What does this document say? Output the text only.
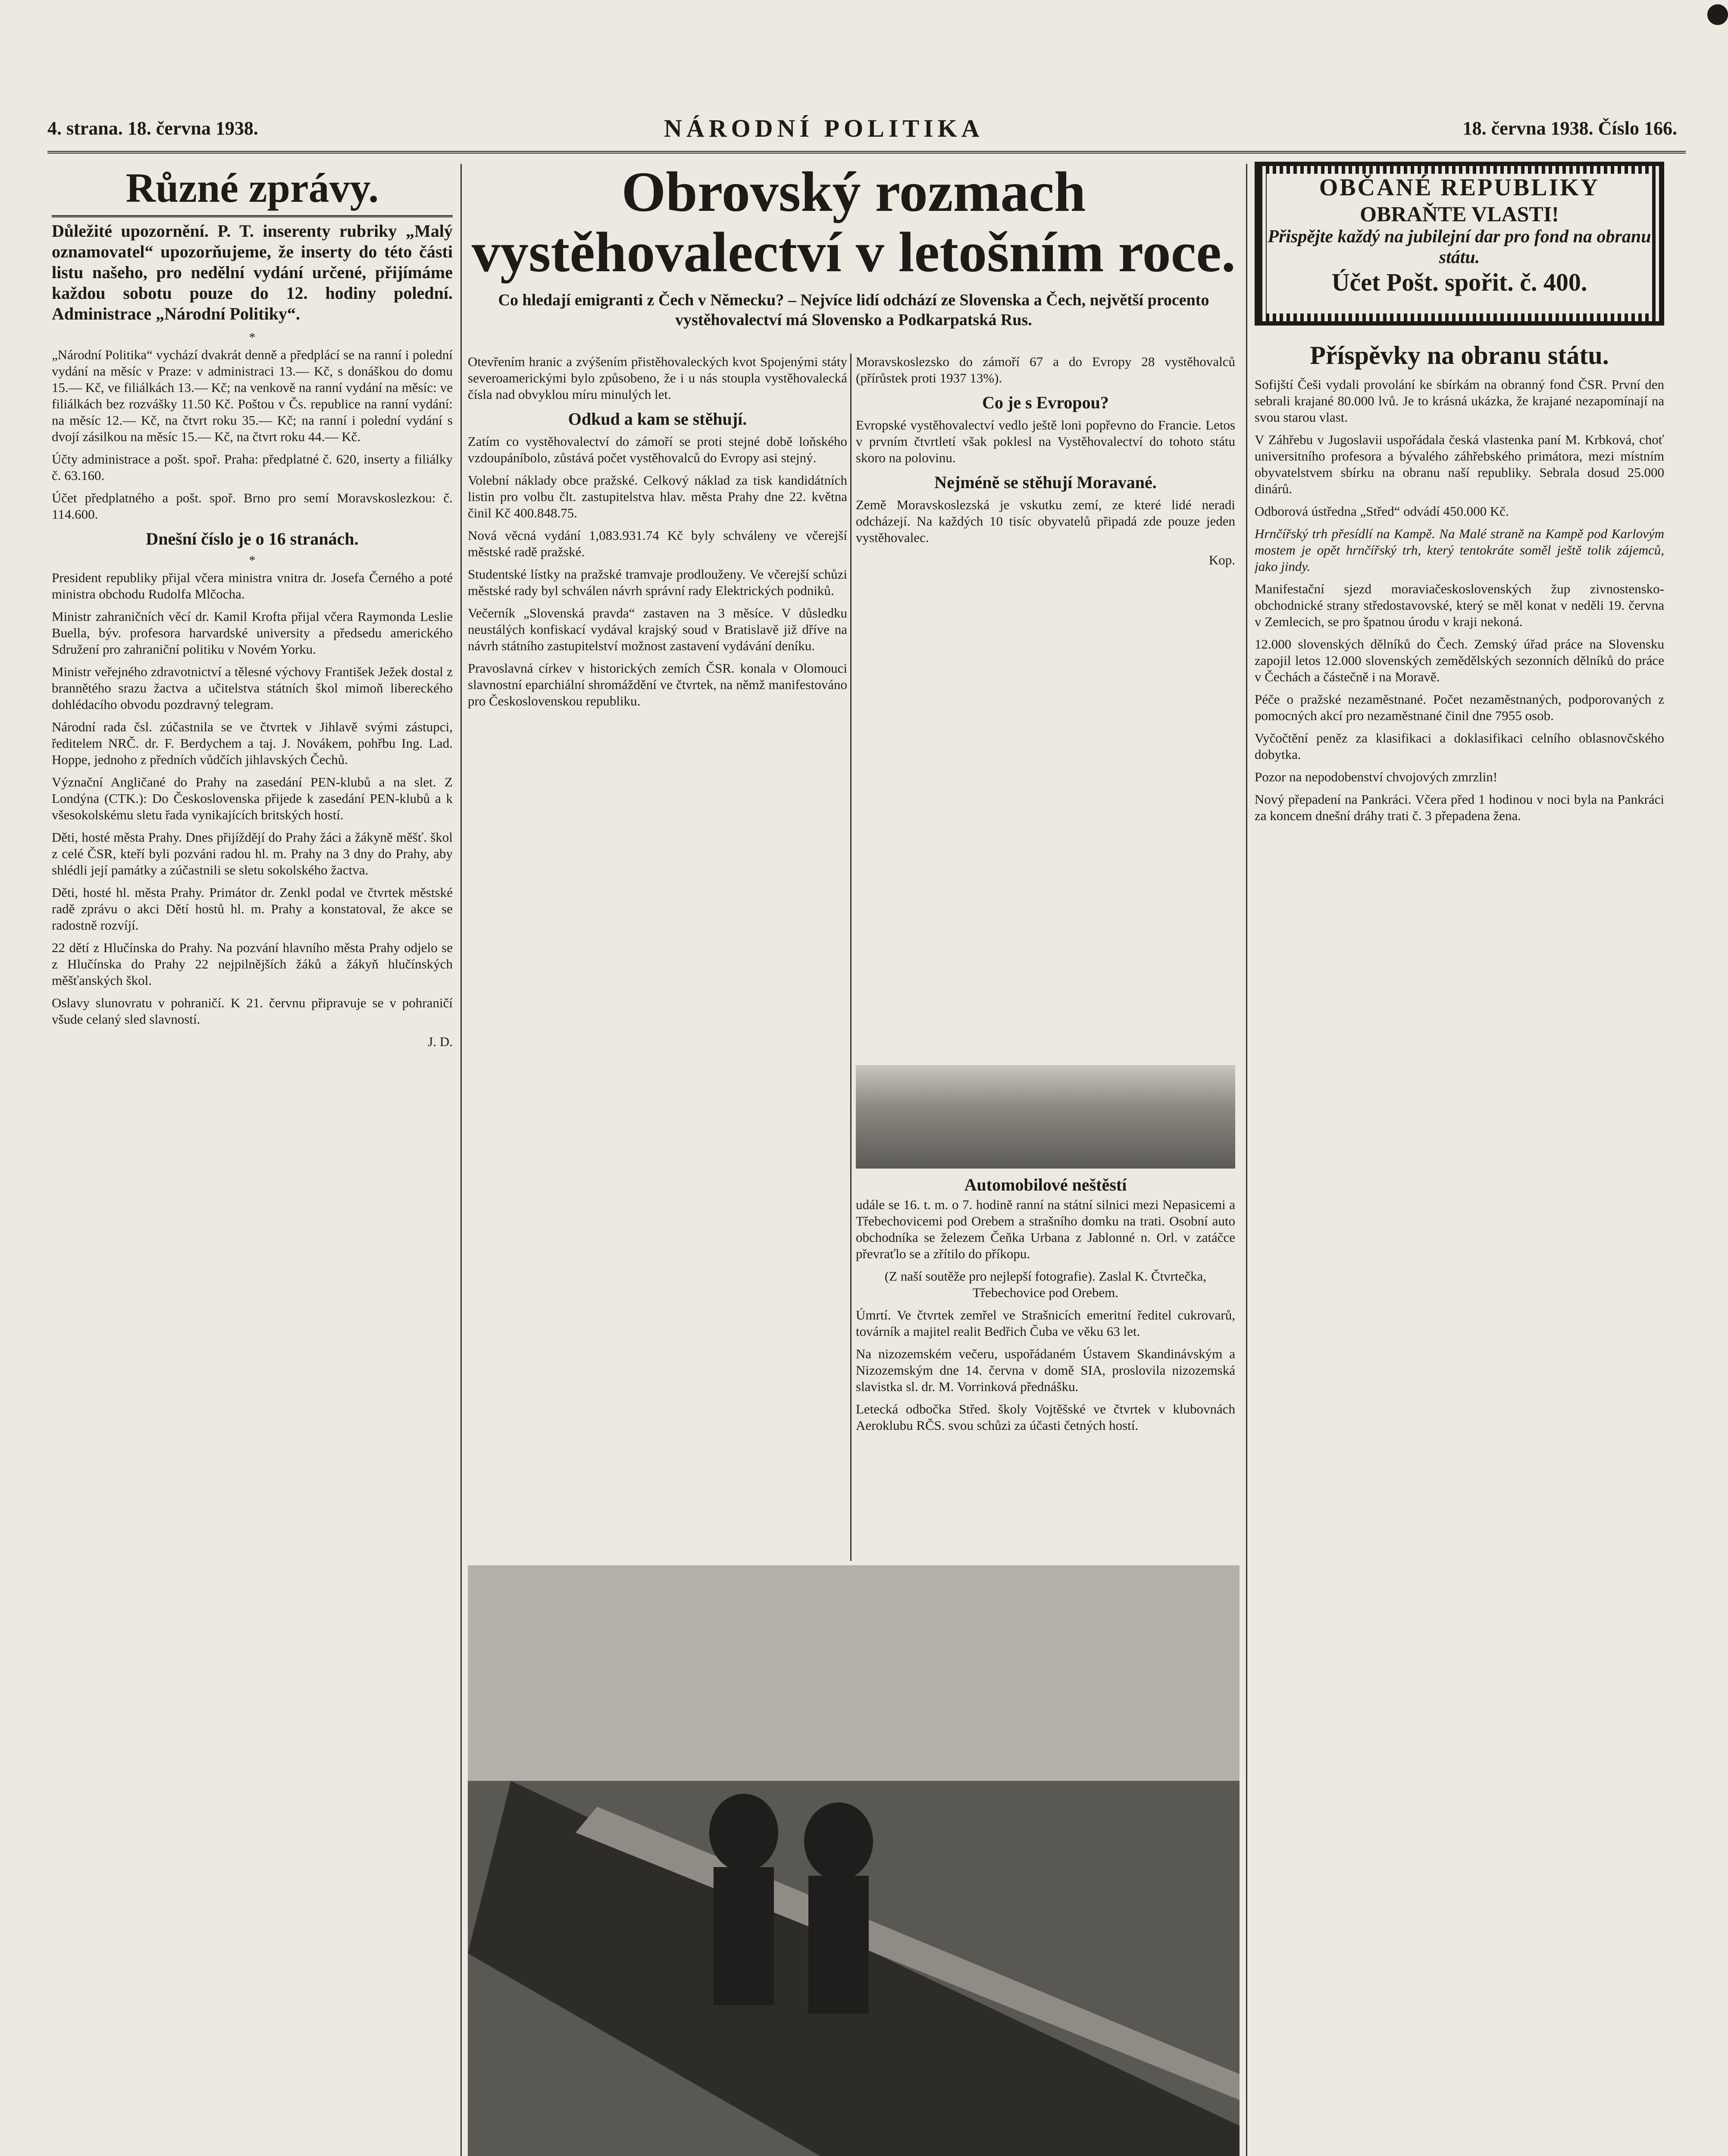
4. strana. 18. června 1938.	NÁRODNÍ POLITIKA	18. června 1938. Číslo 166.
Různé zprávy.

Důležité upozornění. P. T. inserenty rubriky „Malý oznamovatel“ upozorňujeme, že inserty do této části listu našeho, pro nedělní vydání určené, přijímáme každou sobotu pouze do 12. hodiny polední. Administrace „Národní Politiky“.

*

„Národní Politika“ vychází dvakrát denně a předplácí se na ranní i polední vydání na měsíc v Praze: v administraci 13.— Kč, s donáškou do domu 15.— Kč, ve filiálkách 13.— Kč; na venkově na ranní vydání na měsíc: ve filiálkách bez rozvášky 11.50 Kč. Poštou v Čs. republice na ranní vydání: na měsíc 12.— Kč, na čtvrt roku 35.— Kč; na ranní i polední vydání s dvojí zásilkou na měsíc 15.— Kč, na čtvrt roku 44.— Kč.

Účty administrace a pošt. spoř. Praha: předplatné č. 620, inserty a filiálky č. 63.160.

Účet předplatného a pošt. spoř. Brno pro semí Moravskoslezkou: č. 114.600.

Dnešní číslo je o 16 stranách.
*

President republiky přijal včera ministra vnitra dr. Josefa Černého a poté ministra obchodu Rudolfa Mlčocha.

Ministr zahraničních věcí dr. Kamil Krofta přijal včera Raymonda Leslie Buella, býv. profesora harvardské university a předsedu amerického Sdružení pro zahraniční politiku v Novém Yorku.

Ministr veřejného zdravotnictví a tělesné výchovy František Ježek dostal z brannětého srazu žactva a učitelstva státních škol mimoň libereckého dohlédacího obvodu pozdravný telegram.

Národní rada čsl. zúčastnila se ve čtvrtek v Jihlavě svými zástupci, ředitelem NRČ. dr. F. Berdychem a taj. J. Novákem, pohřbu Ing. Lad. Hoppe, jednoho z předních vůdčích jihlavských Čechů.

Význační Angličané do Prahy na zasedání PEN-klubů a na slet. Z Londýna (CTK.): Do Československa přijede k zasedání PEN-klubů a k všesokolskému sletu řada vynikajících britských hostí.

Děti, hosté města Prahy. Dnes přijíždějí do Prahy žáci a žákyně měšť. škol z celé ČSR, kteří byli pozváni radou hl. m. Prahy na 3 dny do Prahy, aby shlédli její památky a zúčastnili se sletu sokolského žactva.

Děti, hosté hl. města Prahy. Primátor dr. Zenkl podal ve čtvrtek městské radě zprávu o akci Dětí hostů hl. m. Prahy a konstatoval, že akce se radostně rozvíjí.

22 dětí z Hlučínska do Prahy. Na pozvání hlavního města Prahy odjelo se z Hlučínska do Prahy 22 nejpilnějších žáků a žákyň hlučínských měšťanských škol.

Oslavy slunovratu v pohraničí. K 21. červnu připravuje se v pohraničí všude celaný sled slavností.

J. D.
Obrovský rozmach vystěhovalectví v letošním roce.
Co hledají emigranti z Čech v Německu? – Nejvíce lidí odchází ze Slovenska a Čech, největší procento vystěhovalectví má Slovensko a Podkarpatská Rus.

Otevřením hranic a zvýšením přistěhovaleckých kvot Spojenými státy severoamerickými bylo způsobeno, že i u nás stoupla vystěhovalecká čísla nad obvyklou míru minulých let.

Odkud a kam se stěhují.

Zatím co vystěhovalectví do zámoří se proti stejné době loňského vzdoupáníbolo, zůstává počet vystěhovalců do Evropy asi stejný.

Volební náklady obce pražské. Celkový náklad za tisk kandidátních listin pro volbu člt. zastupitelstva hlav. města Prahy dne 22. května činil Kč 400.848.75.

Nová věcná vydání 1,083.931.74 Kč byly schváleny ve včerejší městské radě pražské.

Studentské lístky na pražské tramvaje prodlouženy. Ve včerejší schůzi městské rady byl schválen návrh správní rady Elektrických podniků.

Večerník „Slovenská pravda“ zastaven na 3 měsíce. V důsledku neustálých konfiskací vydával krajský soud v Bratislavě již dříve na návrh státního zastupitelství možnost zastavení vydávání deníku.

Pravoslavná církev v historických zemích ČSR. konala v Olomouci slavnostní eparchiální shromáždění ve čtvrtek, na němž manifestováno pro Československou republiku.

Moravskoslezsko do zámoří 67 a do Evropy 28 vystěhovalců (přírůstek proti 1937 13%).

Co je s Evropou?

Evropské vystěhovalectví vedlo ještě loni popřevno do Francie. Letos v prvním čtvrtletí však poklesl na Vystěhovalectví do tohoto státu skoro na polovinu.

Nejméně se stěhují Moravané.

Země Moravskoslezská je vskutku zemí, ze které lidé neradi odcházejí. Na každých 10 tisíc obyvatelů připadá zde pouze jeden vystěhovalec.

Kop.
Automobilové neštěstí

udále se 16. t. m. o 7. hodině ranní na státní silnici mezi Nepasicemi a Třebechovicemi pod Orebem a strašního domku na trati. Osobní auto obchodníka se železem Čeňka Urbana z Jablonné n. Orl. v zatáčce převraťlo se a zřítilo do příkopu.

(Z naší soutěže pro nejlepší fotografie). Zaslal K. Čtvrtečka, Třebechovice pod Orebem.

Úmrtí. Ve čtvrtek zemřel ve Strašnicích emeritní ředitel cukrovarů, továrník a majitel realit Bedřich Čuba ve věku 63 let.

Na nizozemském večeru, uspořádaném Ústavem Skandinávským a Nizozemským dne 14. června v domě SIA, proslovila nizozemská slavistka sl. dr. M. Vorrinková přednášku.

Letecká odbočka Střed. školy Vojtěšské ve čtvrtek v klubovnách Aeroklubu RČS. svou schůzi za účasti četných hostí.

OBČANÉ REPUBLIKY
OBRAŇTE VLASTI!
Přispějte každý na jubilejní dar pro fond na obranu státu.
Účet Pošt. spořit. č. 400.
Příspěvky na obranu státu.

Sofijští Češi vydali provolání ke sbírkám na obranný fond ČSR. První den sebrali krajané 80.000 lvů. Je to krásná ukázka, že krajané nezapomínají na svou starou vlast.

V Záhřebu v Jugoslavii uspořádala česká vlastenka paní M. Krbková, choť universitního profesora a bývalého záhřebského primátora, mezi místním obyvatelstvem sbírku na obranu naší republiky. Sebrala dosud 25.000 dinárů.

Odborová ústředna „Střed“ odvádí 450.000 Kč.

Hrnčířský trh přesídlí na Kampě. Na Malé straně na Kampě pod Karlovým mostem je opět hrnčířský trh, který tentokráte soměl ještě tolik zájemců, jako jindy.

Manifestační sjezd moraviačeskoslovenských žup zivnostensko-obchodnické strany středostavovské, který se měl konat v neděli 19. června v Zemlecich, se pro špatnou úrodu v kraji nekoná.

12.000 slovenských dělníků do Čech. Zemský úřad práce na Slovensku zapojil letos 12.000 slovenských zemědělských sezonních dělníků do práce v Čechách a částečně i na Moravě.

Péče o pražské nezaměstnané. Počet nezaměstnaných, podporovaných z pomocných akcí pro nezaměstnané činil dne 7955 osob.

Vyčočtění peněz za klasifikaci a doklasifikaci celního oblasnovčského dobytka.

Pozor na nepodobenství chvojových zmrzlin!

Nový přepadení na Pankráci. Včera před 1 hodinou v noci byla na Pankráci za koncem dnešní dráhy trati č. 3 přepadena žena.
